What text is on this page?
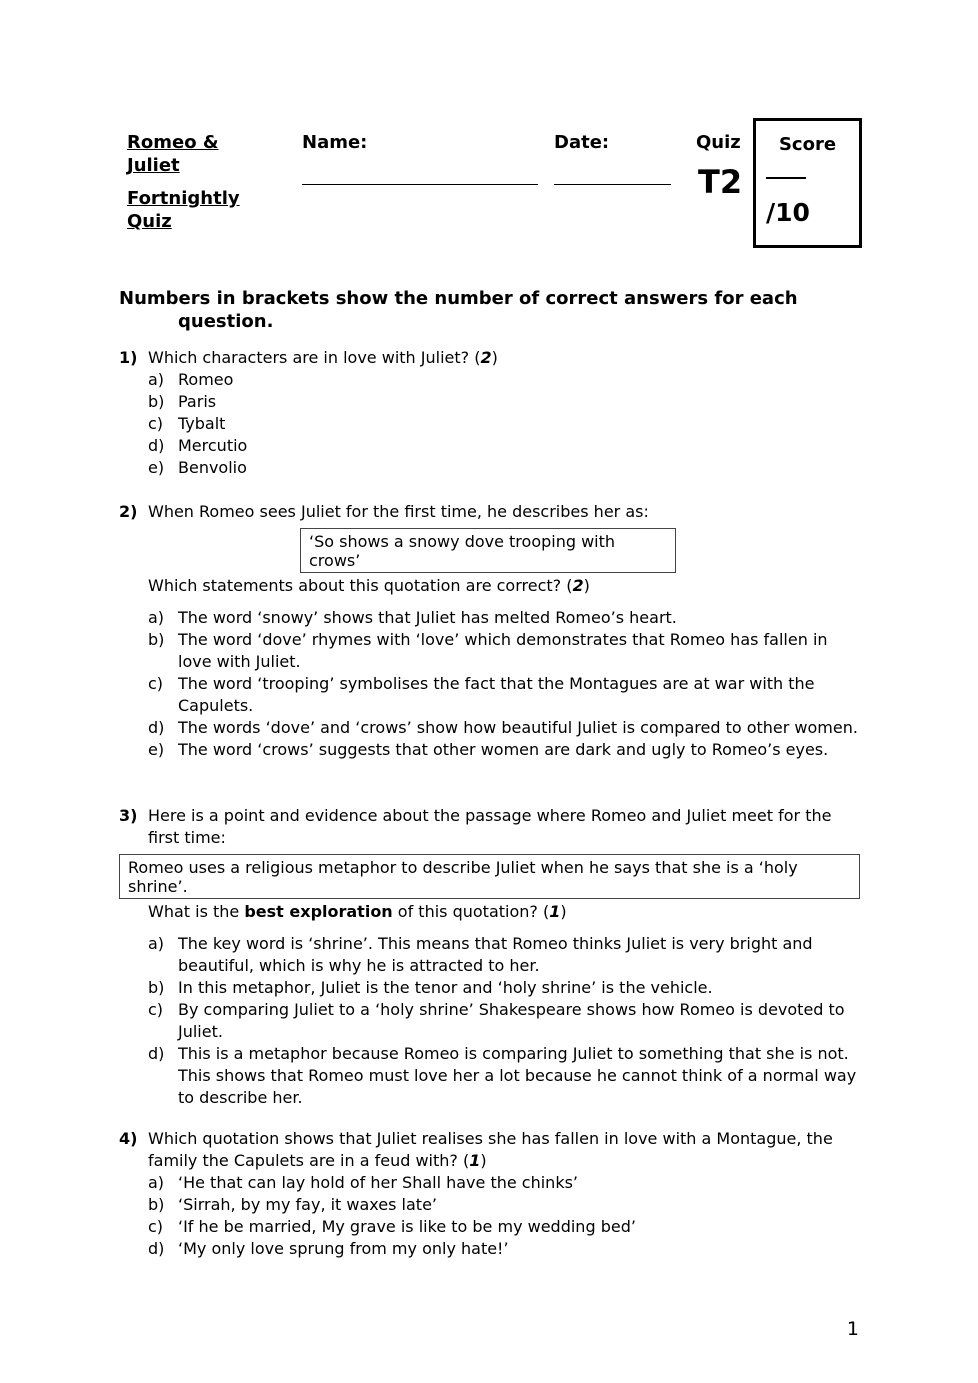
Romeo & Juliet
Fortnightly Quiz
Name:	Date:	Quiz
T2
Score
/10
Numbers in brackets show the number of correct answers for each question.
1) Which characters are in love with Juliet? (2)
a) Romeo
b) Paris
c) Tybalt
d) Mercutio
e) Benvolio
2) When Romeo sees Juliet for the first time, he describes her as:
‘So shows a snowy dove trooping with crows’
Which statements about this quotation are correct? (2)
a) The word ‘snowy’ shows that Juliet has melted Romeo’s heart.
b) The word ‘dove’ rhymes with ‘love’ which demonstrates that Romeo has fallen in love with Juliet.
c) The word ‘trooping’ symbolises the fact that the Montagues are at war with the Capulets.
d) The words ‘dove’ and ‘crows’ show how beautiful Juliet is compared to other women.
e) The word ‘crows’ suggests that other women are dark and ugly to Romeo’s eyes.
3) Here is a point and evidence about the passage where Romeo and Juliet meet for the first time:
Romeo uses a religious metaphor to describe Juliet when he says that she is a ‘holy shrine’.
What is the best exploration of this quotation? (1)
a) The key word is ‘shrine’. This means that Romeo thinks Juliet is very bright and beautiful, which is why he is attracted to her.
b) In this metaphor, Juliet is the tenor and ‘holy shrine’ is the vehicle.
c) By comparing Juliet to a ‘holy shrine’ Shakespeare shows how Romeo is devoted to Juliet.
d) This is a metaphor because Romeo is comparing Juliet to something that she is not. This shows that Romeo must love her a lot because he cannot think of a normal way to describe her.
4) Which quotation shows that Juliet realises she has fallen in love with a Montague, the family the Capulets are in a feud with? (1)
a) ‘He that can lay hold of her Shall have the chinks’
b) ‘Sirrah, by my fay, it waxes late’
c) ‘If he be married, My grave is like to be my wedding bed’
d) ‘My only love sprung from my only hate!’
1
